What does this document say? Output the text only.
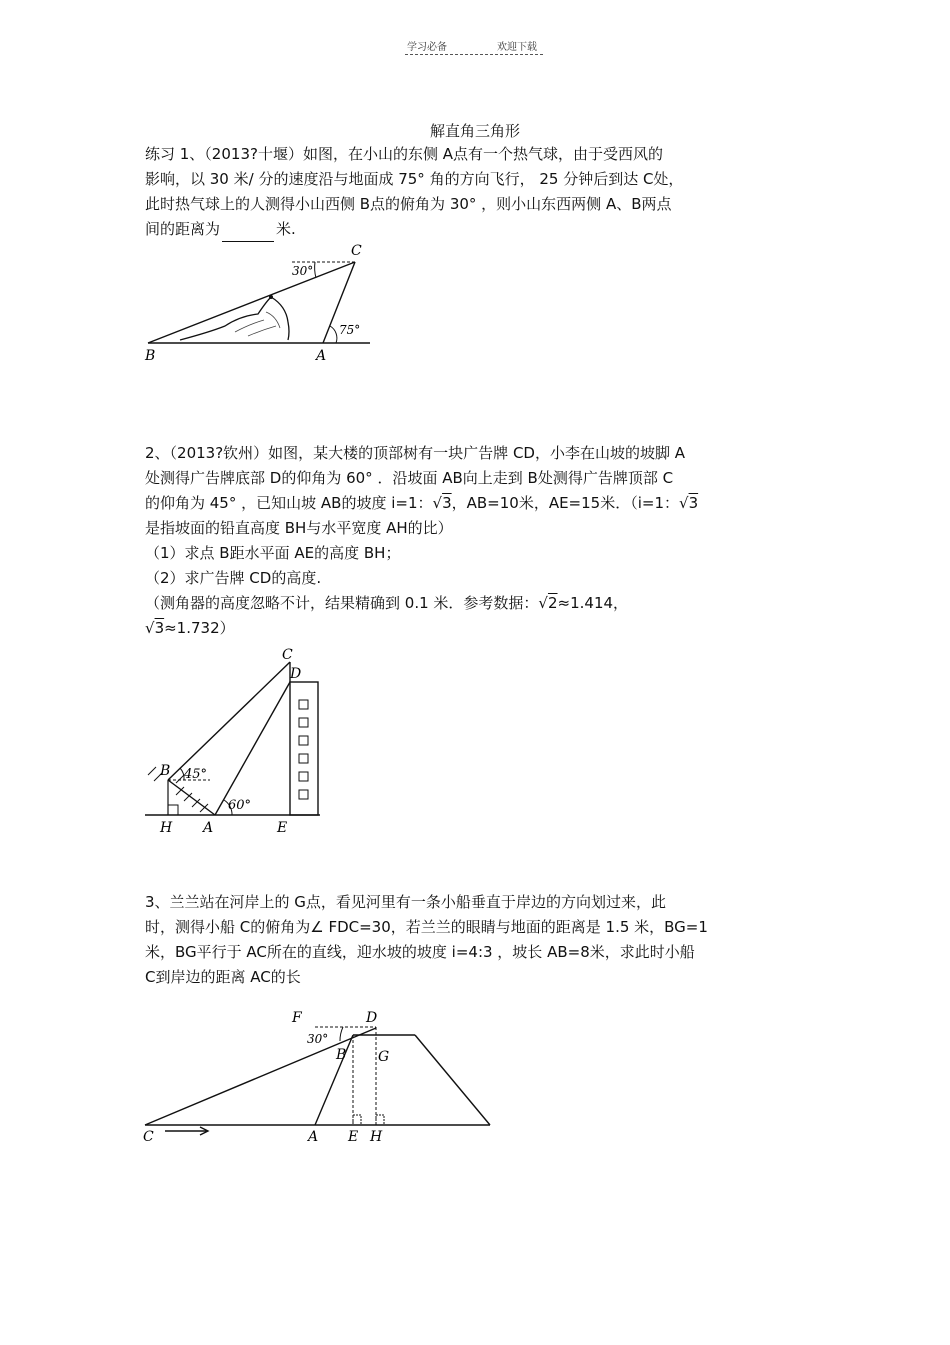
学习必备	欢迎下载
解直角三角形
练习 1、（2013?十堰）如图，在小山的东侧 A点有一个热气球，由于受西风的
影响，以 30 米/ 分的速度沿与地面成 75° 角的方向飞行， 25 分钟后到达 C处，
此时热气球上的人测得小山西侧 B点的俯角为 30° ，则小山东西两侧 A、B两点
间的距离为	米.
30°
75°
C
B	A
2、（2013?钦州）如图，某大楼的顶部树有一块广告牌 CD，小李在山坡的坡脚 A
处测得广告牌底部 D的仰角为 60° ．沿坡面 AB向上走到 B处测得广告牌顶部 C
的仰角为 45° ，已知山坡 AB的坡度 i=1：√3，AB=10米，AE=15米．（i=1：√3
是指坡面的铅直高度 BH与水平宽度 AH的比）
（1）求点 B距水平面 AE的高度 BH；
（2）求广告牌 CD的高度.
（测角器的高度忽略不计，结果精确到 0.1 米．参考数据：√2≈1.414，
√3≈1.732）
45°
60°
C
D
B
H A	E
3、兰兰站在河岸上的 G点，看见河里有一条小船垂直于岸边的方向划过来，此
时，测得小船 C的俯角为∠ FDC=30，若兰兰的眼睛与地面的距离是 1.5 米，BG=1
米，BG平行于 AC所在的直线，迎水坡的坡度 i=4:3 ，坡长 AB=8米，求此时小船
C到岸边的距离 AC的长
30°
F	D
B G
C	A E H
